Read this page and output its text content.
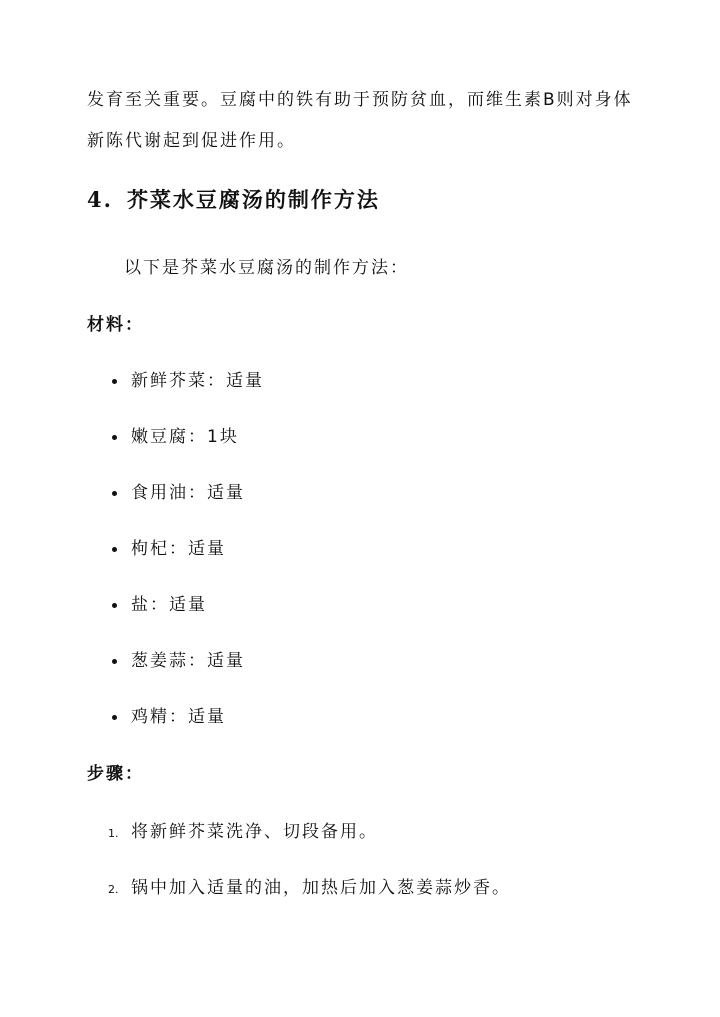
发育至关重要。豆腐中的铁有助于预防贫血，而维生素B则对身体
新陈代谢起到促进作用。
4. 芥菜水豆腐汤的制作方法
以下是芥菜水豆腐汤的制作方法：
材料：
新鲜芥菜：适量
嫩豆腐：1块
食用油：适量
枸杞：适量
盐：适量
葱姜蒜：适量
鸡精：适量
步骤：
1. 将新鲜芥菜洗净、切段备用。
2. 锅中加入适量的油，加热后加入葱姜蒜炒香。
